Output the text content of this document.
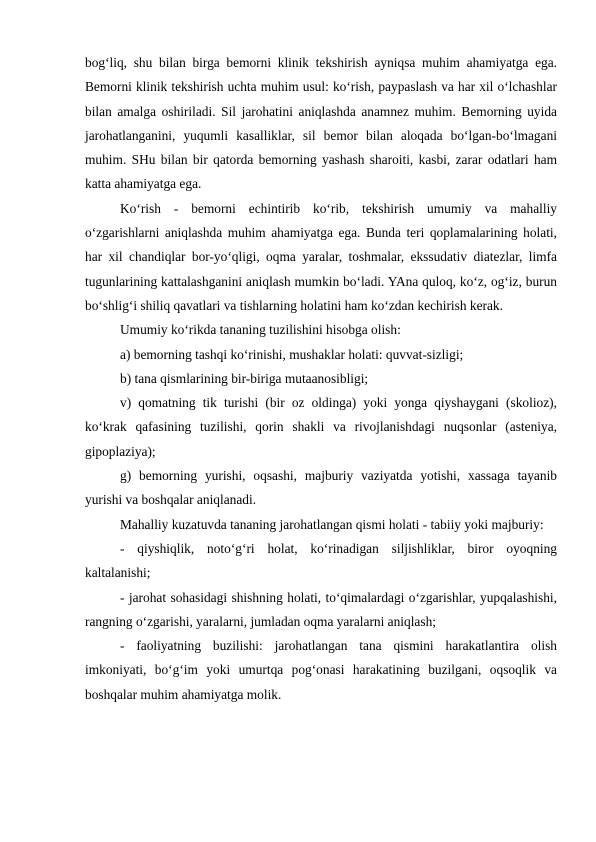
bog‘liq, shu bilan birga bemorni klinik tekshirish ayniqsa muhim ahamiyatga ega. Bemorni klinik tekshirish uchta muhim usul: ko‘rish, paypaslash va har xil o‘lchashlar bilan amalga oshiriladi. Sil jarohatini aniqlashda anamnez muhim. Bemorning uyida jarohatlanganini, yuqumli kasalliklar, sil bemor bilan aloqada bo‘lgan-bo‘lmagani muhim. SHu bilan bir qatorda bemorning yashash sharoiti, kasbi, zarar odatlari ham katta ahamiyatga ega.

Ko‘rish - bemorni echintirib ko‘rib, tekshirish umumiy va mahalliy o‘zgarishlarni aniqlashda muhim ahamiyatga ega. Bunda teri qoplamalarining holati, har xil chandiqlar bor-yo‘qligi, oqma yaralar, toshmalar, ekssudativ diatezlar, limfa tugunlarining kattalashganini aniqlash mumkin bo‘ladi. YAna quloq, ko‘z, og‘iz, burun bo‘shlig‘i shiliq qavatlari va tishlarning holatini ham ko‘zdan kechirish kerak.

Umumiy ko‘rikda tananing tuzilishini hisobga olish:

a) bemorning tashqi ko‘rinishi, mushaklar holati: quvvat-sizligi;

b) tana qismlarining bir-biriga mutaanosibligi;

v) qomatning tik turishi (bir oz oldinga) yoki yonga qiyshaygani (skolioz), ko‘krak qafasining tuzilishi, qorin shakli va rivojlanishdagi nuqsonlar (asteniya, gipoplaziya);

g) bemorning yurishi, oqsashi, majburiy vaziyatda yotishi, xassaga tayanib yurishi va boshqalar aniqlanadi.

Mahalliy kuzatuvda tananing jarohatlangan qismi holati - tabiiy yoki majburiy:

- qiyshiqlik, noto‘g‘ri holat, ko‘rinadigan siljishliklar, biror oyoqning kaltalanishi;

- jarohat sohasidagi shishning holati, to‘qimalardagi o‘zgarishlar, yupqalashishi, rangning o‘zgarishi, yaralarni, jumladan oqma yaralarni aniqlash;

- faoliyatning buzilishi: jarohatlangan tana qismini harakatlantira olish imkoniyati, bo‘g‘im yoki umurtqa pog‘onasi harakatining buzilgani, oqsoqlik va boshqalar muhim ahamiyatga molik.
